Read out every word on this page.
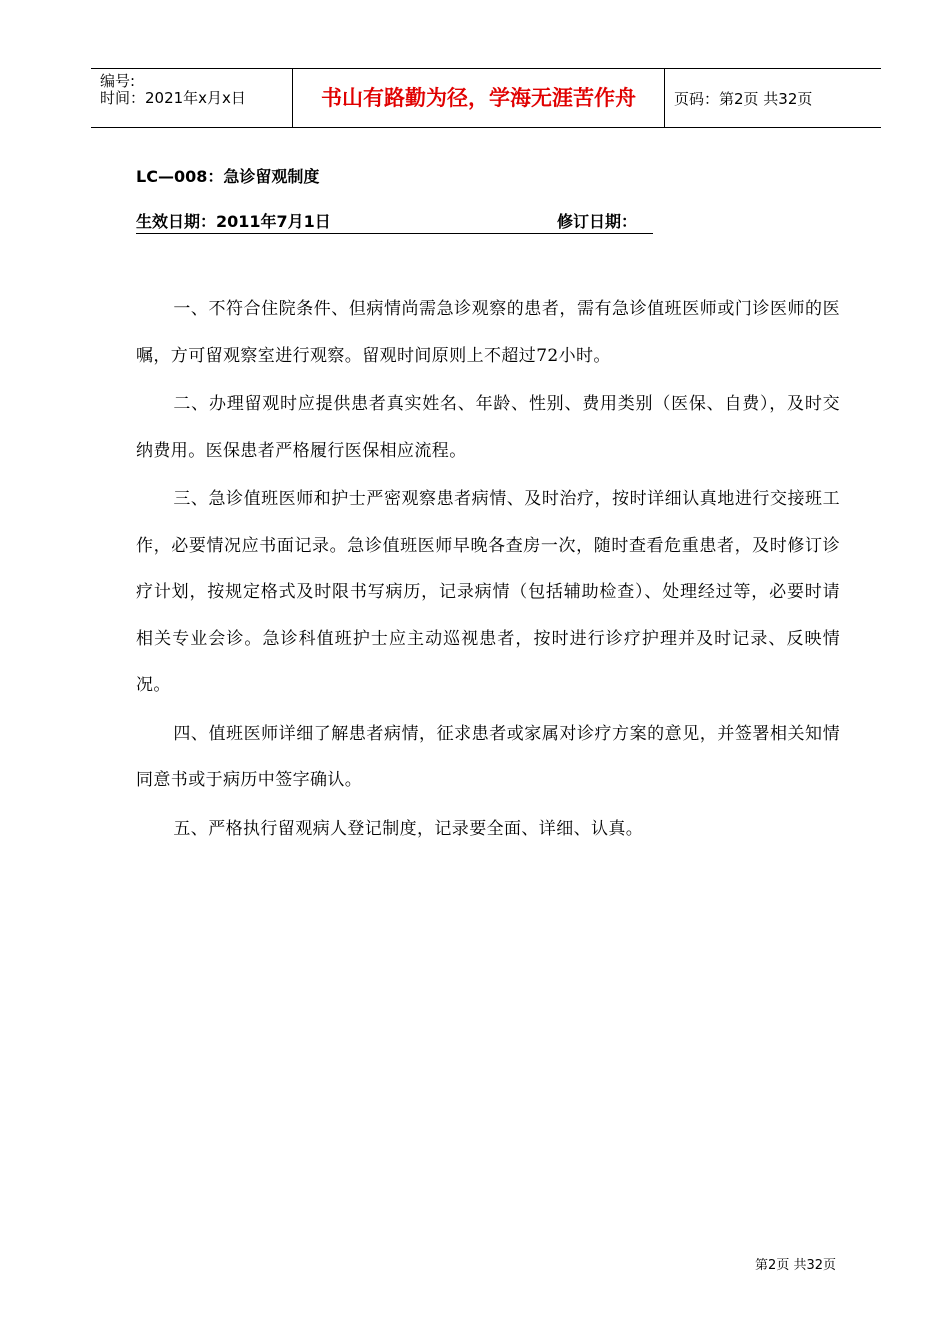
编号:
时间：2021年x月x日	书山有路勤为径，学海无涯苦作舟	页码：第2页 共32页
LC—008：急诊留观制度
生效日期：2011年7月1日	修订日期：

一、不符合住院条件、但病情尚需急诊观察的患者，需有急诊值班医师或门诊医师的医嘱，方可留观察室进行观察。留观时间原则上不超过72小时。

二、办理留观时应提供患者真实姓名、年龄、性别、费用类别（医保、自费），及时交纳费用。医保患者严格履行医保相应流程。

三、急诊值班医师和护士严密观察患者病情、及时治疗，按时详细认真地进行交接班工作，必要情况应书面记录。急诊值班医师早晚各查房一次，随时查看危重患者，及时修订诊疗计划，按规定格式及时限书写病历，记录病情（包括辅助检查）、处理经过等，必要时请相关专业会诊。急诊科值班护士应主动巡视患者，按时进行诊疗护理并及时记录、反映情况。

四、值班医师详细了解患者病情，征求患者或家属对诊疗方案的意见，并签署相关知情同意书或于病历中签字确认。

五、严格执行留观病人登记制度，记录要全面、详细、认真。

第2页 共32页
